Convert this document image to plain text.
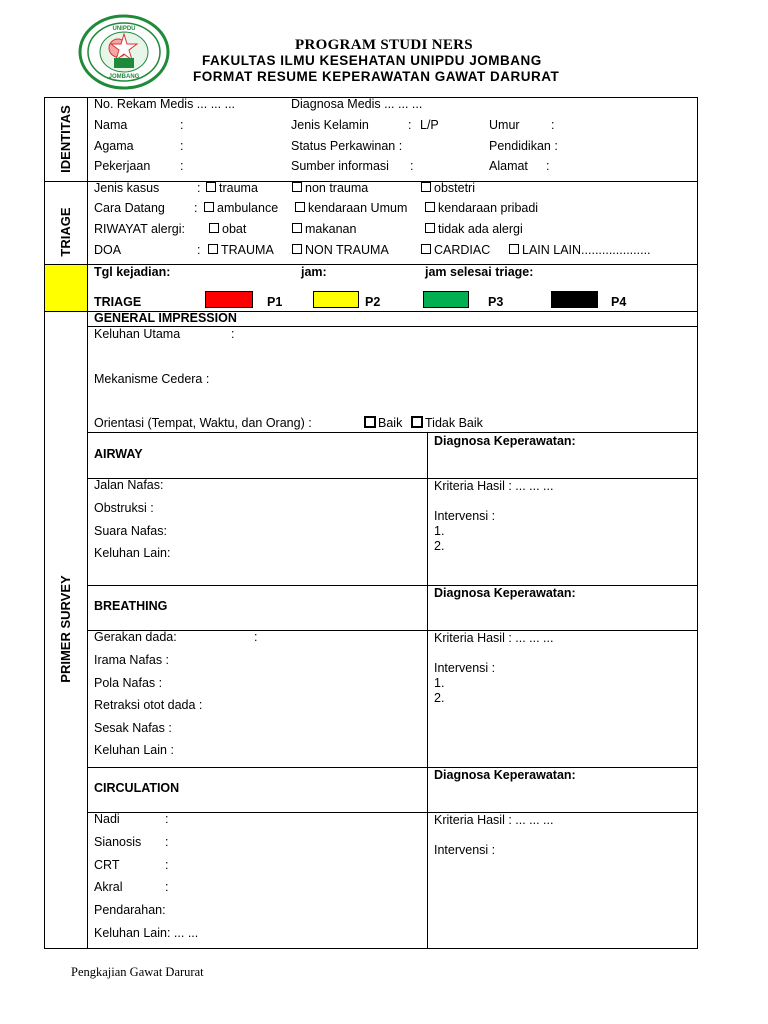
UNIPDU
JOMBANG
PROGRAM STUDI NERS
FAKULTAS ILMU KESEHATAN UNIPDU JOMBANG
FORMAT RESUME KEPERAWATAN GAWAT DARURAT
IDENTITAS
TRIAGE
PRIMER SURVEY
No. Rekam Medis ... ... ...	Diagnosa Medis ... ... ...
Nama	:	Jenis Kelamin	: L/P	Umur	:
Agama	:	Status Perkawinan :	Pendidikan :
Pekerjaan :	Sumber informasi :	Alamat :
Jenis kasus	:	trauma	non trauma	obstetri
Cara Datang :	ambulance	kendaraan Umum	kendaraan pribadi
RIWAYAT alergi:	obat	makanan	tidak ada alergi
DOA	:	TRAUMA	NON TRAUMA	CARDIAC	LAIN LAIN....................
Tgl kejadian:	jam:	jam selesai triage:
TRIAGE	P1	P2	P3	P4
GENERAL IMPRESSION
Keluhan Utama	:
Mekanisme Cedera :
Orientasi (Tempat, Waktu, dan Orang) :	Baik	Tidak Baik
AIRWAY
Diagnosa Keperawatan:
Jalan Nafas:
Obstruksi :
Suara Nafas:
Keluhan Lain:
Kriteria Hasil : ... ... ...
Intervensi :
1.
2.
BREATHING
Diagnosa Keperawatan:
Gerakan dada:	:
Irama Nafas :
Pola Nafas :
Retraksi otot dada :
Sesak Nafas :
Keluhan Lain :
Kriteria Hasil : ... ... ...
Intervensi :
1.
2.
CIRCULATION
Diagnosa Keperawatan:
Nadi	:
Sianosis :
CRT	:
Akral	:
Pendarahan:
Keluhan Lain: ... ...
Kriteria Hasil : ... ... ...
Intervensi :
Pengkajian Gawat Darurat
